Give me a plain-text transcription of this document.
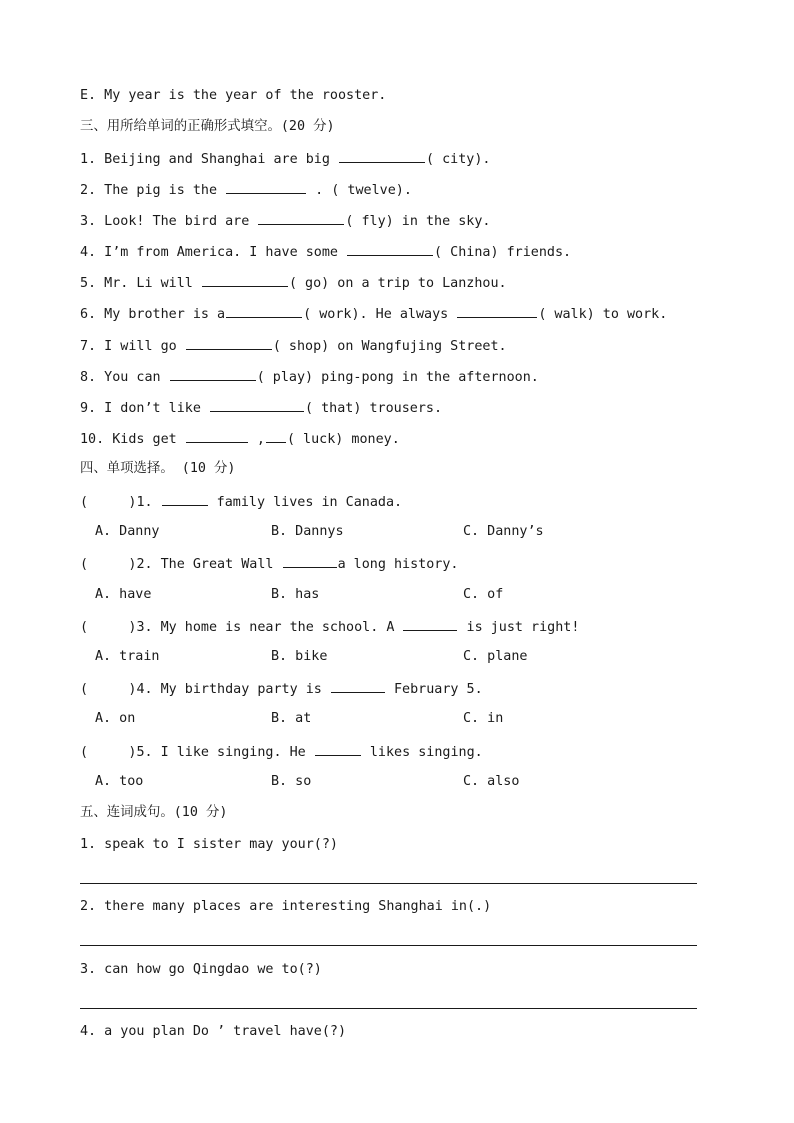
E. My year is the year of the rooster.
三、用所给单词的正确形式填空。(20 分)
1. Beijing and Shanghai are big	( city).
2. The pig is the	. ( twelve).
3. Look! The bird are	( fly) in the sky.
4. I’m from America. I have some	( China) friends.
5. Mr. Li will	( go) on a trip to Lanzhou.
6. My brother is a	( work). He always	( walk) to work.
7. I will go	( shop) on Wangfujing Street.
8. You can	( play) ping-pong in the afternoon.
9. I don’t like	( that) trousers.
10. Kids get	, ( luck) money.
四、单项选择。 (10 分)
(     )1.	family lives in Canada.
A. Danny	B. Dannys	C. Danny’s
(     )2. The Great Wall	a long history.
A. have	B. has	C. of
(     )3. My home is near the school. A	is just right!
A. train	B. bike	C. plane
(     )4. My birthday party is	February 5.
A. on	B. at	C. in
(     )5. I like singing. He	likes singing.
A. too	B. so	C. also
五、连词成句。(10 分)
1. speak to I sister may your(?)
2. there many places are interesting Shanghai in(.)
3. can how go Qingdao we to(?)
4. a you plan Do ’ travel have(?)
